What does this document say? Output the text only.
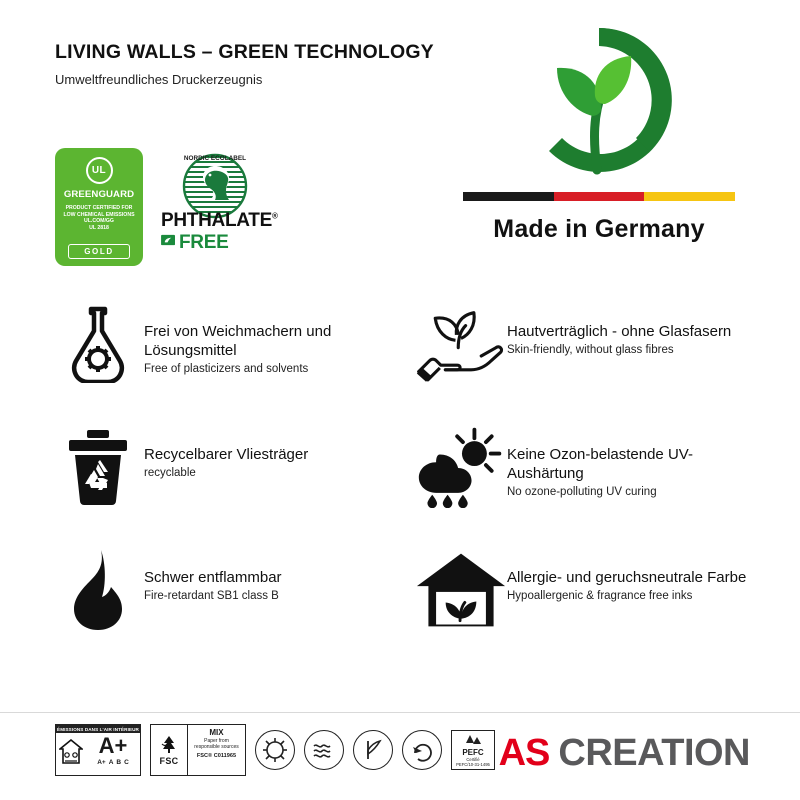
LIVING WALLS – GREEN TECHNOLOGY
Umweltfreundliches Druckerzeugnis
UL
GREENGUARD
PRODUCT CERTIFIED FOR
LOW CHEMICAL EMISSIONS
UL.COM/GG
UL 2818
GOLD
NORDIC ECOLABEL
PHTHALATE®
FREE	Made in Germany
Frei von Weichmachern und Lösungsmittel
Free of plasticizers and solvents
Hautverträglich - ohne Glasfasern
Skin-friendly, without glass fibres
Recycelbarer Vliesträger
recyclable
Keine Ozon-belastende UV-Aushärtung
No ozone-polluting UV curing
Schwer entflammbar
Fire-retardant SB1 class B
Allergie- und geruchsneutrale Farbe
Hypoallergenic & fragrance free inks
ÉMISSIONS DANS L'AIR INTÉRIEUR
A+
A+ A B C	FSC
MIX
Paper from
responsible sources
FSC® C011965	PEFC
Certifié
PEFC/10-31-1495 AS CREATION
